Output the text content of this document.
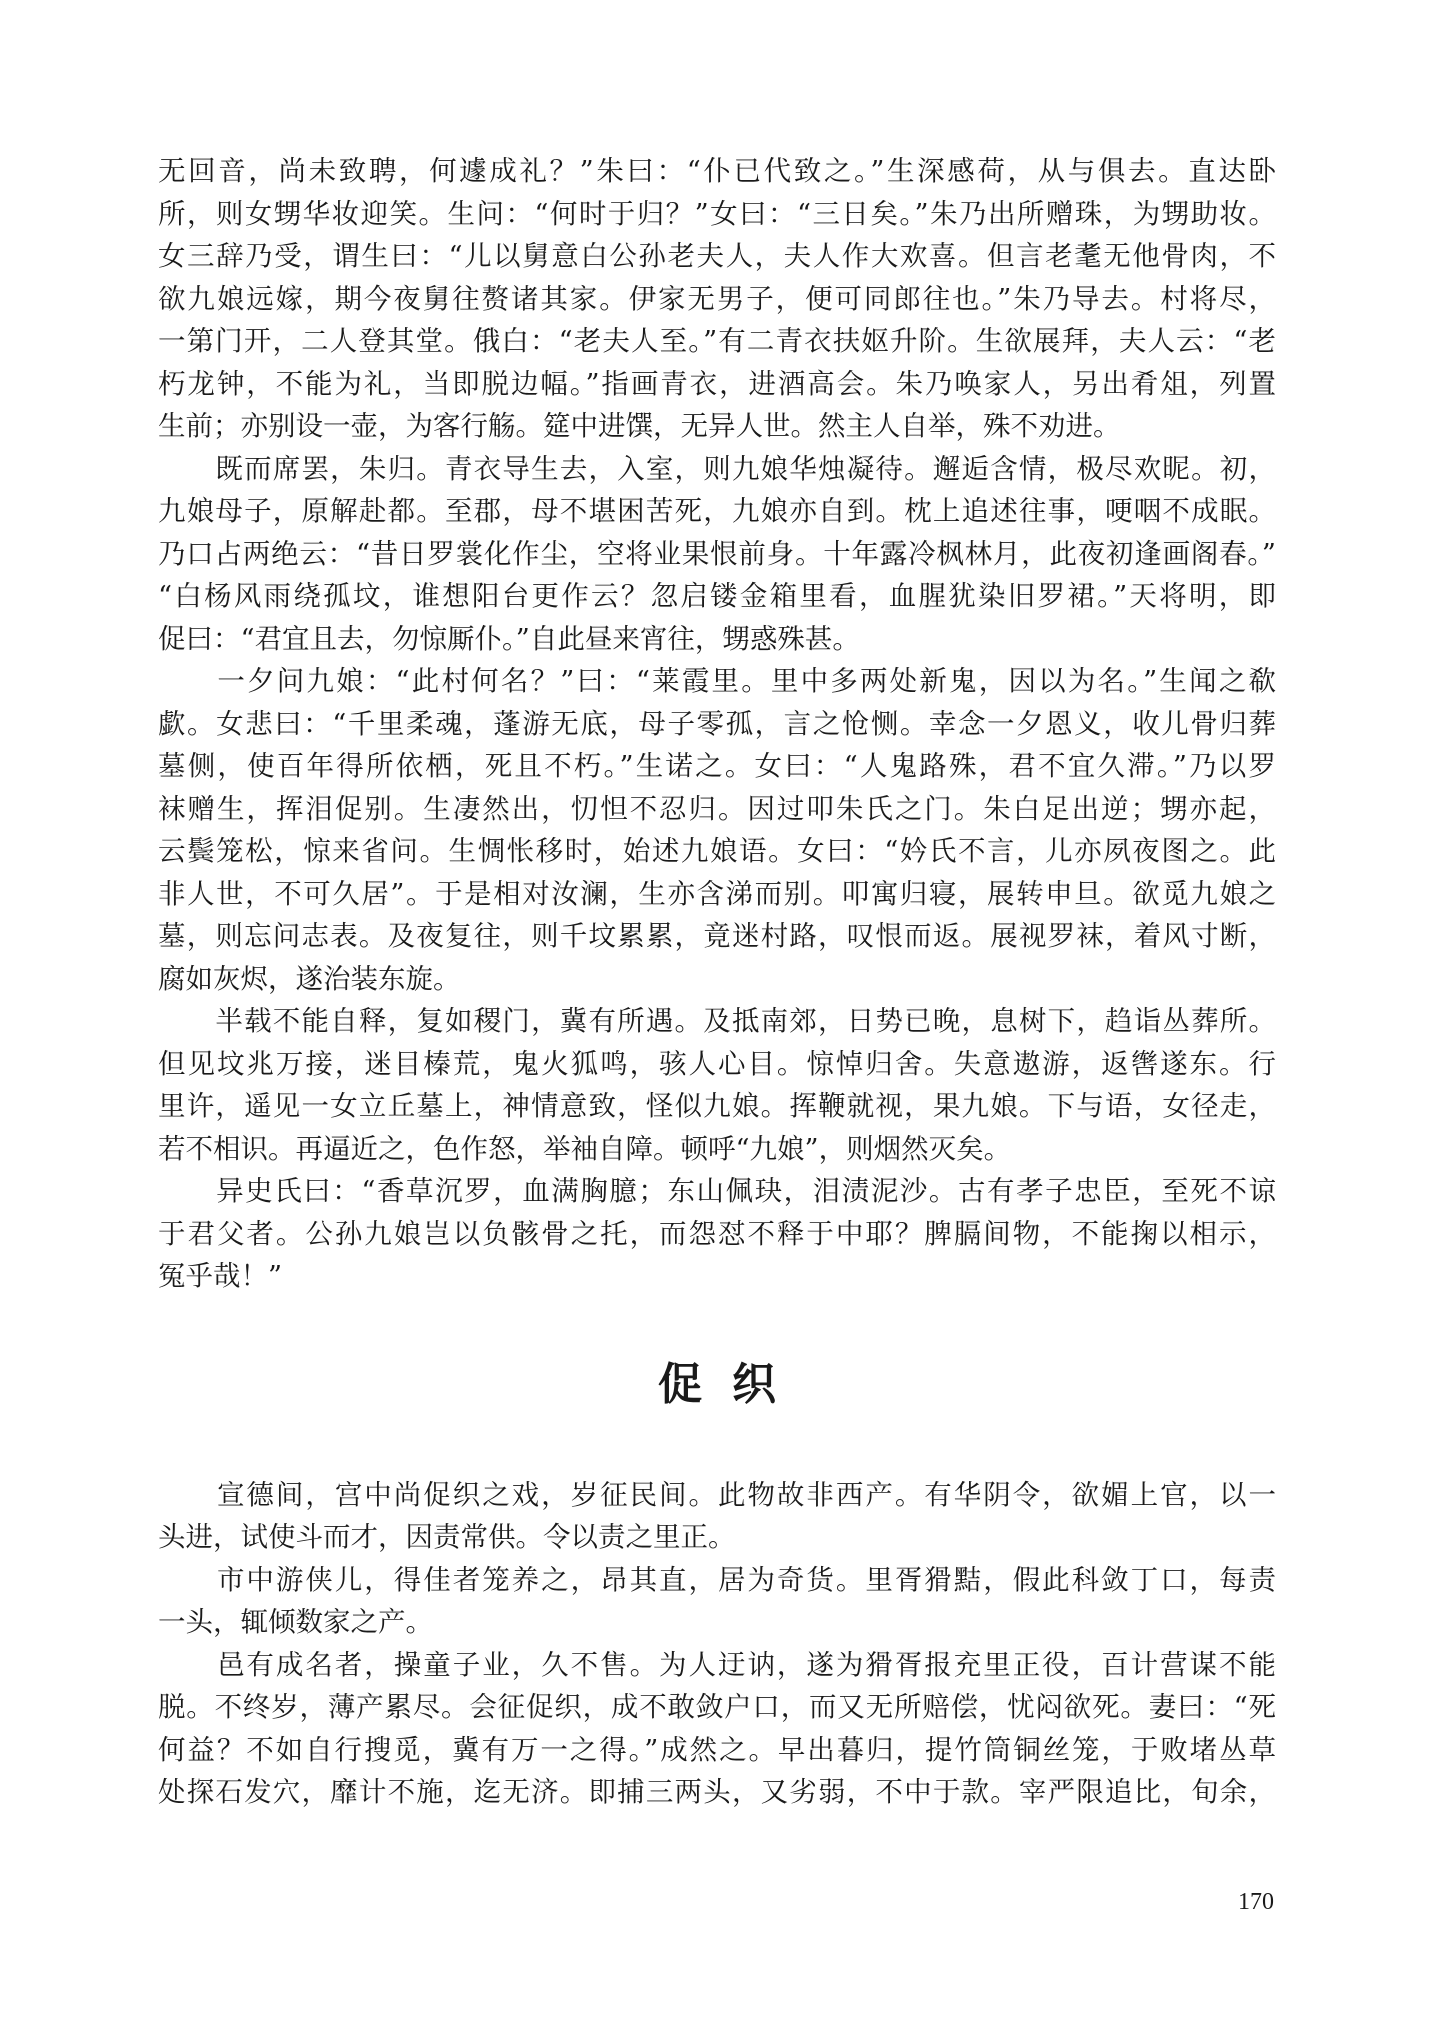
无回音，尚未致聘，何遽成礼？”朱曰：“仆已代致之。”生深感荷，从与俱去。直达卧
所，则女甥华妆迎笑。生问：“何时于归？”女曰：“三日矣。”朱乃出所赠珠，为甥助妆。
女三辞乃受，谓生曰：“儿以舅意白公孙老夫人，夫人作大欢喜。但言老耄无他骨肉，不
欲九娘远嫁，期今夜舅往赘诸其家。伊家无男子，便可同郎往也。”朱乃导去。村将尽，
一第门开，二人登其堂。俄白：“老夫人至。”有二青衣扶妪升阶。生欲展拜，夫人云：“老
朽龙钟，不能为礼，当即脱边幅。”指画青衣，进酒高会。朱乃唤家人，另出肴俎，列置
生前；亦别设一壶，为客行觞。筵中进馔，无异人世。然主人自举，殊不劝进。
　　既而席罢，朱归。青衣导生去，入室，则九娘华烛凝待。邂逅含情，极尽欢昵。初，
九娘母子，原解赴都。至郡，母不堪困苦死，九娘亦自到。枕上追述往事，哽咽不成眠。
乃口占两绝云：“昔日罗裳化作尘，空将业果恨前身。十年露冷枫林月，此夜初逢画阁春。”
“白杨风雨绕孤坟，谁想阳台更作云？忽启镂金箱里看，血腥犹染旧罗裙。”天将明，即
促曰：“君宜且去，勿惊厮仆。”自此昼来宵往，甥惑殊甚。
　　一夕问九娘：“此村何名？”曰：“莱霞里。里中多两处新鬼，因以为名。”生闻之欷
歔。女悲曰：“千里柔魂，蓬游无底，母子零孤，言之怆恻。幸念一夕恩义，收儿骨归葬
墓侧，使百年得所依栖，死且不朽。”生诺之。女曰：“人鬼路殊，君不宜久滞。”乃以罗
袜赠生，挥泪促别。生凄然出，忉怛不忍归。因过叩朱氏之门。朱白足出逆；甥亦起，
云鬓笼松，惊来省问。生惆怅移时，始述九娘语。女曰：“妗氏不言，儿亦夙夜图之。此
非人世，不可久居”。于是相对汝澜，生亦含涕而别。叩寓归寝，展转申旦。欲觅九娘之
墓，则忘问志表。及夜复往，则千坟累累，竟迷村路，叹恨而返。展视罗袜，着风寸断，
腐如灰烬，遂治装东旋。
　　半载不能自释，复如稷门，冀有所遇。及抵南郊，日势已晚，息树下，趋诣丛葬所。
但见坟兆万接，迷目榛荒，鬼火狐鸣，骇人心目。惊悼归舍。失意遨游，返辔遂东。行
里许，遥见一女立丘墓上，神情意致，怪似九娘。挥鞭就视，果九娘。下与语，女径走，
若不相识。再逼近之，色作怒，举袖自障。顿呼“九娘”，则烟然灭矣。
　　异史氏曰：“香草沉罗，血满胸臆；东山佩玦，泪渍泥沙。古有孝子忠臣，至死不谅
于君父者。公孙九娘岂以负骸骨之托，而怨怼不释于中耶？脾膈间物，不能掬以相示，
冤乎哉！”
促织
　　宣德间，宫中尚促织之戏，岁征民间。此物故非西产。有华阴令，欲媚上官，以一
头进，试使斗而才，因责常供。令以责之里正。
　　市中游侠儿，得佳者笼养之，昂其直，居为奇货。里胥猾黠，假此科敛丁口，每责
一头，辄倾数家之产。
　　邑有成名者，操童子业，久不售。为人迂讷，遂为猾胥报充里正役，百计营谋不能
脱。不终岁，薄产累尽。会征促织，成不敢敛户口，而又无所赔偿，忧闷欲死。妻曰：“死
何益？不如自行搜觅，冀有万一之得。”成然之。早出暮归，提竹筒铜丝笼，于败堵丛草
处探石发穴，靡计不施，迄无济。即捕三两头，又劣弱，不中于款。宰严限追比，旬余，
170
